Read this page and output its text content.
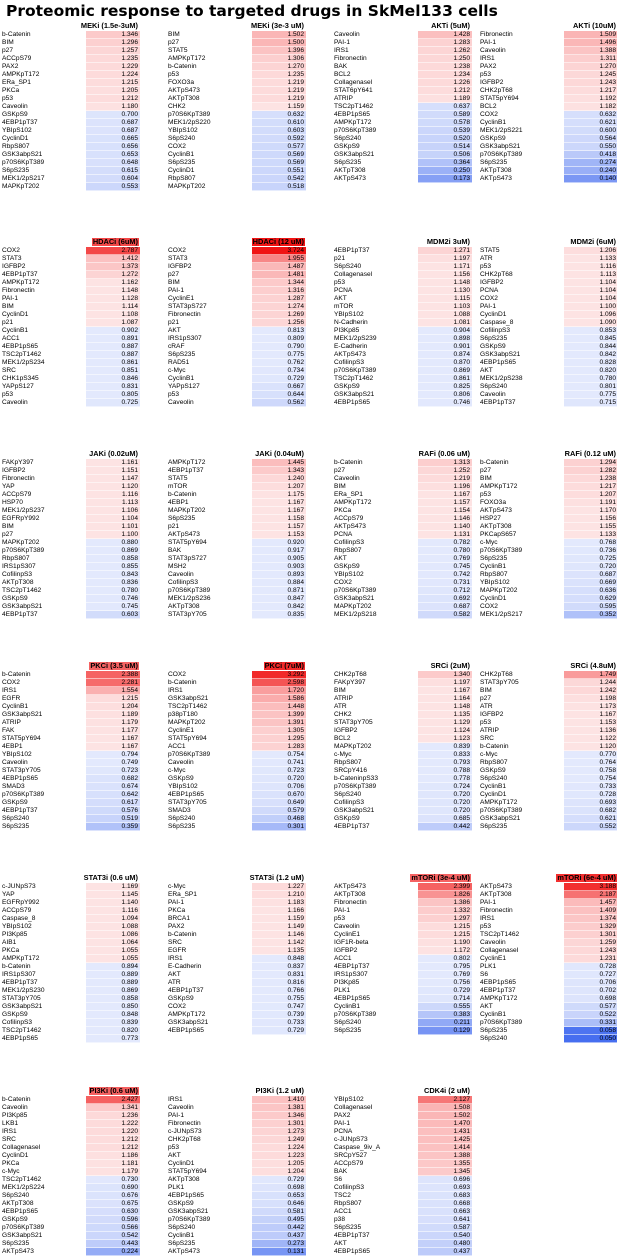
Proteomic response to targeted drugs in SkMel133 cells
MEKi (1.5e-3uM)
b-Catenin	1.346
BIM	1.296
p27	1.257
ACCpS79	1.235
PAX2	1.229
AMPKpT172	1.224
ERa_SP1	1.215
PKCa	1.205
p53	1.212
Caveolin	1.180
GSKpS9	0.700
4EBP1pT37	0.687
YBIpS102	0.687
CyclinD1	0.665
RbpS807	0.656
GSK3abpS21	0.653
p70S6KpT389	0.648
S6pS235	0.615
MEK1/2pS217	0.604
MAPKpT202	0.553
MEKi (3e-3 uM)
BIM	1.502
p27	1.500
STAT5	1.396
AMPKpT172	1.306
b-Catenin	1.270
p53	1.235
FOXO3a	1.219
AKTpS473	1.219
AKTpT308	1.219
CHK2	1.159
p70S6KpT389	0.632
MEK1/2pS220	0.610
YBIpS102	0.603
S6pS240	0.592
COX2	0.577
CyclinB1	0.569
S6pS235	0.569
CyclinD1	0.551
RbpS807	0.542
MAPKpT202	0.518
AKTi (5uM)
Caveolin	1.428
PAI-1	1.283
IRS1	1.262
Fibronectin	1.250
BAK	1.238
BCL2	1.234
Collagenasel	1.226
STAT6pY641	1.212
ATRIP	1.189
TSC2pT1462	0.637
4EBP1pS65	0.589
AMPKpT172	0.578
p70S6KpT389	0.539
S6pS240	0.520
GSKpS9	0.514
GSK3abpS21	0.506
S6pS235	0.364
AKTpT308	0.250
AKTpS473	0.173
AKTi (10uM)
Fibronectin	1.509
PAI-1	1.496
Caveolin	1.388
IRS1	1.311
PAX2	1.270
p53	1.245
IGFBP2	1.243
CHK2pT68	1.217
STAT5pY694	1.192
BCL2	1.182
COX2	0.632
CyclinB1	0.621
MEK1/2pS221	0.600
GSKpS9	0.564
GSK3abpS21	0.550
p70S6KpT389	0.418
S6pS235	0.274
AKTpT308	0.240
AKTpS473	0.140
HDACi (6uM)
COX2	2.787
STAT3	1.412
IGFBP2	1.373
4EBP1pT37	1.272
AMPKpT172	1.162
Fibronectin	1.148
PAI-1	1.128
BIM	1.114
CyclinD1	1.108
p21	1.087
CyclinB1	0.902
ACC1	0.891
4EBP1pS65	0.887
TSC2pT1462	0.887
MEK1/2pS234	0.861
SRC	0.851
CHK1pS345	0.846
YAPpS127	0.831
p53	0.805
Caveolin	0.725
HDACi (12 uM)
COX2	3.724
STAT3	1.955
IGFBP2	1.487
p27	1.481
BIM	1.344
PAI-1	1.316
CyclinE1	1.287
STAT3pS727	1.274
Fibronectin	1.269
p21	1.256
AKT	0.813
IRS1pS307	0.809
cRAF	0.790
S6pS235	0.775
RAD51	0.762
c-Myc	0.734
CyclinB1	0.729
YAPpS127	0.667
p53	0.644
Caveolin	0.562
MDM2i 3uM)
4EBP1pT37	1.271
p21	1.197
S6pS240	1.171
Collagenasel	1.156
p53	1.148
PCNA	1.130
AKT	1.115
mTOR	1.103
YBIpS102	1.088
N-Cadherin	1.081
PI3Kp85	0.904
MEK1/2pS239	0.898
E-Cadherin	0.901
AKTpS473	0.874
CofilinpS3	0.870
p70S6KpT389	0.869
TSC2pT1462	0.861
GSKpS9	0.825
GSK3abpS21	0.806
4EBP1pS65	0.746
MDM2i (6uM)
STAT5	1.206
ATR	1.133
p53	1.116
CHK2pT68	1.113
IGFBP2	1.104
PCNA	1.104
COX2	1.104
PAI-1	1.100
CyclinD1	1.096
Caspase_8	1.090
CofilinpS3	0.853
S6pS235	0.845
GSKpS9	0.844
GSK3abpS21	0.842
4EBP1pS65	0.828
AKT	0.820
MEK1/2pS238	0.780
S6pS240	0.801
Caveolin	0.775
4EBP1pT37	0.715
JAKi (0.02uM)
FAKpY397	1.161
IGFBP2	1.151
Fibronectin	1.147
YAP	1.120
ACCpS79	1.116
HSP70	1.113
MEK1/2pS237	1.106
EGFRpY992	1.104
BIM	1.101
p27	1.100
MAPKpT202	0.880
p70S6KpT389	0.869
RbpS807	0.858
IRS1pS307	0.855
CofilinpS3	0.843
AKTpT308	0.836
TSC2pT1462	0.780
GSKpS9	0.746
GSK3abpS21	0.745
4EBP1pT37	0.603
JAKi (0.04uM)
AMPKpT172	1.445
4EBP1pT37	1.343
STAT5	1.240
mTOR	1.207
b-Catenin	1.175
4EBP1	1.167
MAPKpT202	1.167
S6pS235	1.158
p21	1.157
AKTpS473	1.153
STAT5pY694	0.920
BAK	0.917
STAT3pS727	0.905
MSH2	0.903
Caveolin	0.893
CofilinpS3	0.884
p70S6KpT389	0.871
MEK1/2pS236	0.847
AKTpT308	0.842
STAT3pY705	0.835
RAFi (0.06 uM)
b-Catenin	1.313
p27	1.252
Caveolin	1.219
BIM	1.196
ERa_SP1	1.167
AMPKpT172	1.157
PKCa	1.154
ACCpS79	1.146
AKTpS473	1.140
PCNA	1.131
CofilinpS3	0.782
RbpS807	0.780
AKT	0.769
GSKpS9	0.745
YBIpS102	0.742
COX2	0.731
p70S6KpT389	0.712
GSK3abpS21	0.692
MAPKpT202	0.687
MEK1/2pS218	0.582
RAFi (0.12 uM)
b-Catenin	1.294
p27	1.282
BIM	1.238
AMPKpT172	1.217
p53	1.207
FOXO3a	1.191
AKTpS473	1.170
HSP27	1.156
AKTpT308	1.155
PKCapS657	1.133
c-Myc	0.768
p70S6KpT389	0.736
S6pS235	0.725
CyclinB1	0.720
RbpS807	0.687
YBIpS102	0.669
MAPKpT202	0.636
CyclinD1	0.629
COX2	0.595
MEK1/2pS217	0.352
PKCi (3.5 uM)
b-Catenin	2.388
COX2	2.281
IRS1	1.554
EGFR	1.215
CyclinB1	1.204
GSK3abpS21	1.189
ATRIP	1.179
FAK	1.177
STAT5pY694	1.167
4EBP1	1.167
YBIpS102	0.794
Caveolin	0.749
STAT3pY705	0.723
4EBP1pS65	0.682
SMAD3	0.674
p70S6KpT389	0.642
GSKpS9	0.617
4EBP1pT37	0.576
S6pS240	0.519
S6pS235	0.359
PKCi (7uM)
COX2	3.292
b-Catenin	2.598
IRS1	1.720
GSK3abpS21	1.586
TSC2pT1462	1.448
p38pT180	1.399
MAPKpT202	1.391
CyclinE1	1.305
STAT5pY694	1.295
ACC1	1.283
p70S6KpT389	0.754
Caveolin	0.741
c-Myc	0.723
GSKpS9	0.720
YBIpS102	0.706
4EBP1pS65	0.670
STAT3pY705	0.649
SMAD3	0.579
S6pS240	0.468
S6pS235	0.301
SRCi (2uM)
CHK2pT68	1.340
FAKpY397	1.197
BIM	1.167
ATRIP	1.164
ATR	1.148
CHK2	1.135
STAT3pY705	1.129
IGFBP2	1.124
BCL2	1.123
MAPKpT202	0.839
c-Myc	0.833
RbpS807	0.793
SRCpY416	0.788
b-CateninpS33	0.778
p70S6KpT389	0.724
S6pS240	0.720
CofilinpS3	0.720
GSK3abpS21	0.720
GSKpS9	0.685
4EBP1pT37	0.442
SRCi (4.8uM)
CHK2pT68	1.749
STAT3pY705	1.244
BIM	1.242
p27	1.198
ATR	1.173
IGFBP2	1.167
p53	1.153
ATRIP	1.136
SRC	1.122
b-Catenin	1.120
c-Myc	0.770
RbpS807	0.764
GSKpS9	0.758
S6pS240	0.754
CyclinB1	0.733
CyclinD1	0.728
AMPKpT172	0.693
p70S6KpT389	0.682
GSK3abpS21	0.621
S6pS235	0.552
STAT3i (0.6 uM)
c-JUNpS73	1.169
YAP	1.145
EGFRpY992	1.140
ACCpS79	1.116
Caspase_8	1.094
YBIpS102	1.088
PI3Kp85	1.086
AIB1	1.064
PKCa	1.055
AMPKpT172	1.055
b-Catenin	0.894
IRS1pS307	0.889
4EBP1pT37	0.889
MEK1/2pS230	0.869
STAT3pY705	0.858
GSK3abpS21	0.850
GSKpS9	0.848
CofilinpS3	0.839
TSC2pT1462	0.820
4EBP1pS65	0.773
STAT3i (1.2 uM)
c-Myc	1.227
ERa_SP1	1.210
PAI-1	1.183
PKCa	1.166
BRCA1	1.159
PAX2	1.149
b-Catenin	1.146
SRC	1.142
EGFR	1.135
IRS1	0.848
E-Cadherin	0.837
AKT	0.831
ATR	0.816
4EBP1pT37	0.766
GSKpS9	0.755
COX2	0.747
AMPKpT172	0.739
GSK3abpS21	0.733
4EBP1pS65	0.729
mTORi (3e-4 uM)
AKTpS473	2.399
AKTpT308	1.826
Fibronectin	1.386
PAI-1	1.332
p53	1.297
Caveolin	1.215
CyclinE1	1.215
IGF1R-beta	1.190
IGFBP2	1.172
ACC1	0.802
4EBP1pT37	0.795
IRS1pS307	0.769
PI3Kp85	0.756
PLK1	0.729
4EBP1pS65	0.714
CyclinB1	0.555
p70S6KpT389	0.383
S6pS240	0.211
S6pS235	0.129
mTORi (6e-4 uM)
AKTpS473	3.188
AKTpT308	2.187
PAI-1	1.457
Fibronectin	1.409
IRS1	1.374
p53	1.329
TSC2pT1462	1.301
Caveolin	1.259
CollagenaseI	1.243
CyclinE1	1.231
PLK1	0.728
S6	0.727
4EBP1pS65	0.706
4EBP1pT37	0.702
AMPKpT172	0.698
AKT	0.577
CyclinB1	0.522
p70S6KpT389	0.331
S6pS235	0.058
S6pS240	0.050
PI3Ki (0.6 uM)
b-Catenin	2.427
Caveolin	1.341
PI3Kp85	1.236
LKB1	1.222
IRS1	1.220
SRC	1.212
Collagenasel	1.212
CyclinD1	1.186
PKCa	1.181
c-Myc	1.179
TSC2pT1462	0.730
MEK1/2pS224	0.690
S6pS240	0.676
AKTpT308	0.675
4EBP1pS65	0.630
GSKpS9	0.596
p70S6KpT389	0.566
GSK3abpS21	0.542
S6pS235	0.443
AKTpS473	0.224
PI3Ki (1.2 uM)
IRS1	1.410
Caveolin	1.381
PAI-1	1.346
Fibronectin	1.301
c-JUNpS73	1.273
CHK2pT68	1.249
p53	1.224
AKT	1.223
CyclinD1	1.205
STAT5pY694	1.204
AKTpT308	0.729
PLK1	0.698
4EBP1pS65	0.653
GSKpS9	0.646
GSK3abpS21	0.581
p70S6KpT389	0.495
S6pS240	0.442
CyclinB1	0.437
S6pS235	0.273
AKTpS473	0.131
CDK4i (2 uM)
YBIpS102	2.127
CollagenaseI	1.508
PAX2	1.502
PAI-1	1.470
PCNA	1.431
c-JUNpS73	1.425
Caspase_9iv_A	1.414
SRCpY527	1.388
ACCpS79	1.355
BAK	1.345
S6	0.696
CofilinpS3	0.693
TSC2	0.683
RbpS807	0.668
ACC1	0.663
p38	0.641
S6pS235	0.587
4EBP1pT37	0.540
AKT	0.480
4EBP1pS65	0.437
